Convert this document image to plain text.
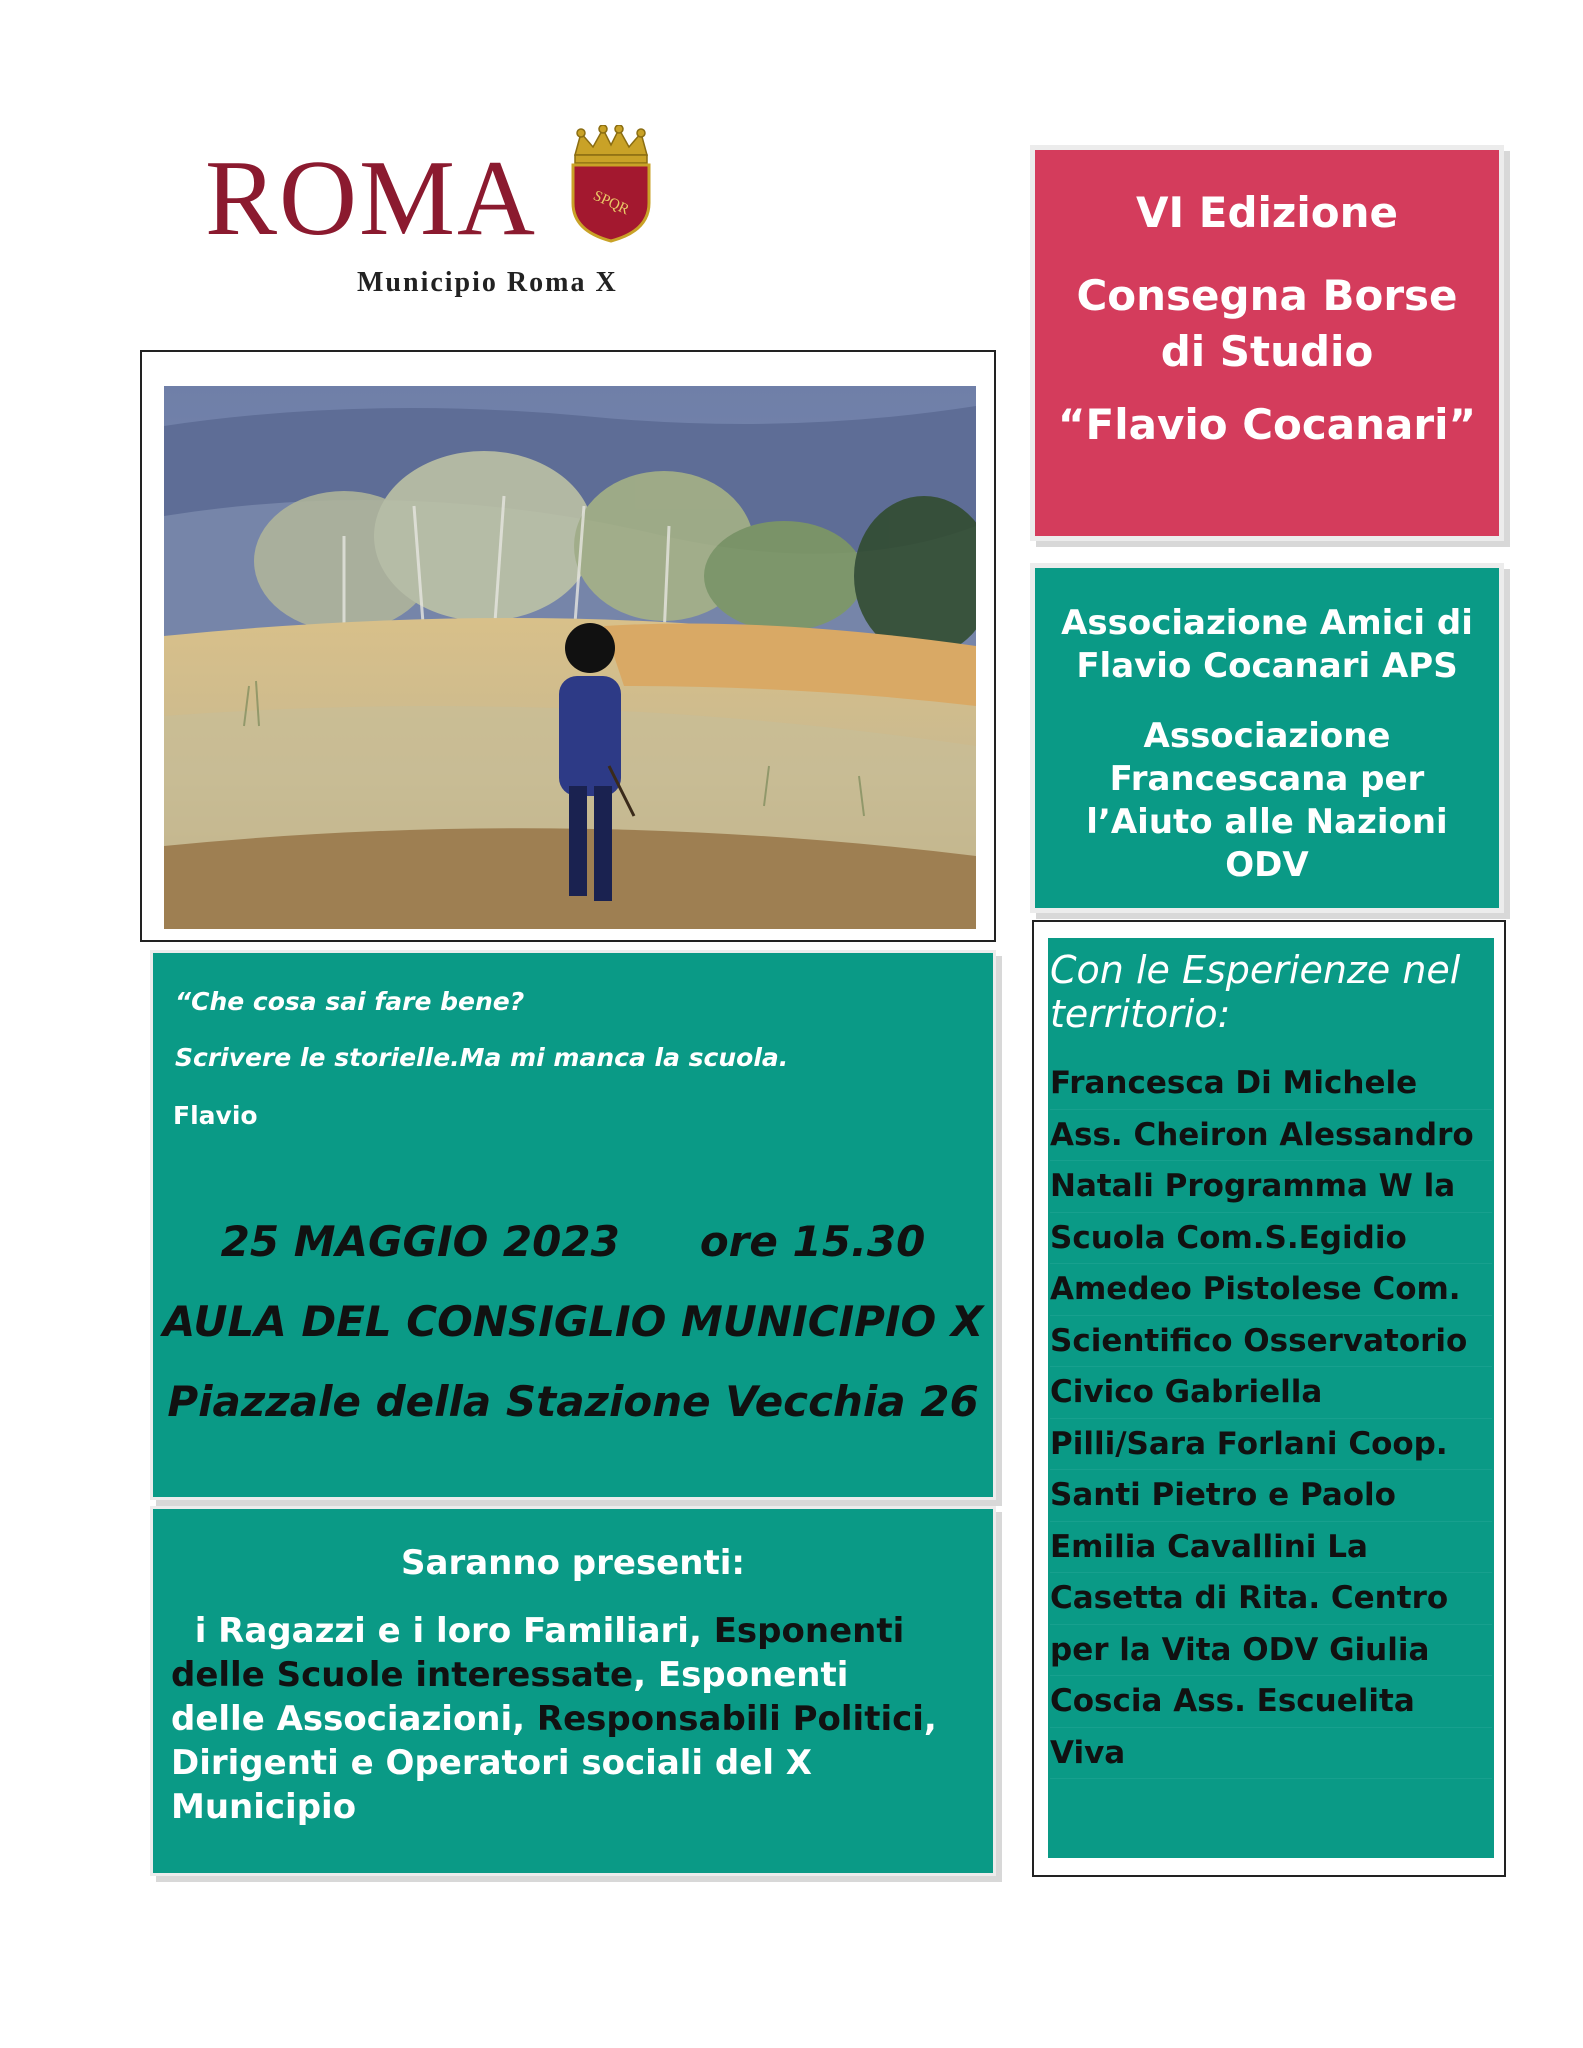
ROMA	SPQR
Municipio Roma X
VI Edizione
Consegna Borse di Studio
“Flavio Cocanari”
Associazione Amici di Flavio Cocanari APS
Associazione Francescana per l’Aiuto alle Nazioni ODV
“Che cosa sai fare bene?
Scrivere le storielle.Ma mi manca la scuola.
Flavio
25 MAGGIO 2023 ore 15.30
AULA DEL CONSIGLIO MUNICIPIO X
Piazzale della Stazione Vecchia 26
Saranno presenti:
i Ragazzi e i loro Familiari, Esponenti delle Scuole interessate, Esponenti delle Associazioni, Responsabili Politici, Dirigenti e Operatori sociali del X Municipio
Con le Esperienze nel territorio:
Francesca Di Michele
Ass. Cheiron Alessandro
Natali Programma W la
Scuola Com.S.Egidio
Amedeo Pistolese Com.
Scientifico Osservatorio
Civico Gabriella
Pilli/Sara Forlani Coop.
Santi Pietro e Paolo
Emilia Cavallini La
Casetta di Rita. Centro
per la Vita ODV Giulia
Coscia Ass. Escuelita
Viva
